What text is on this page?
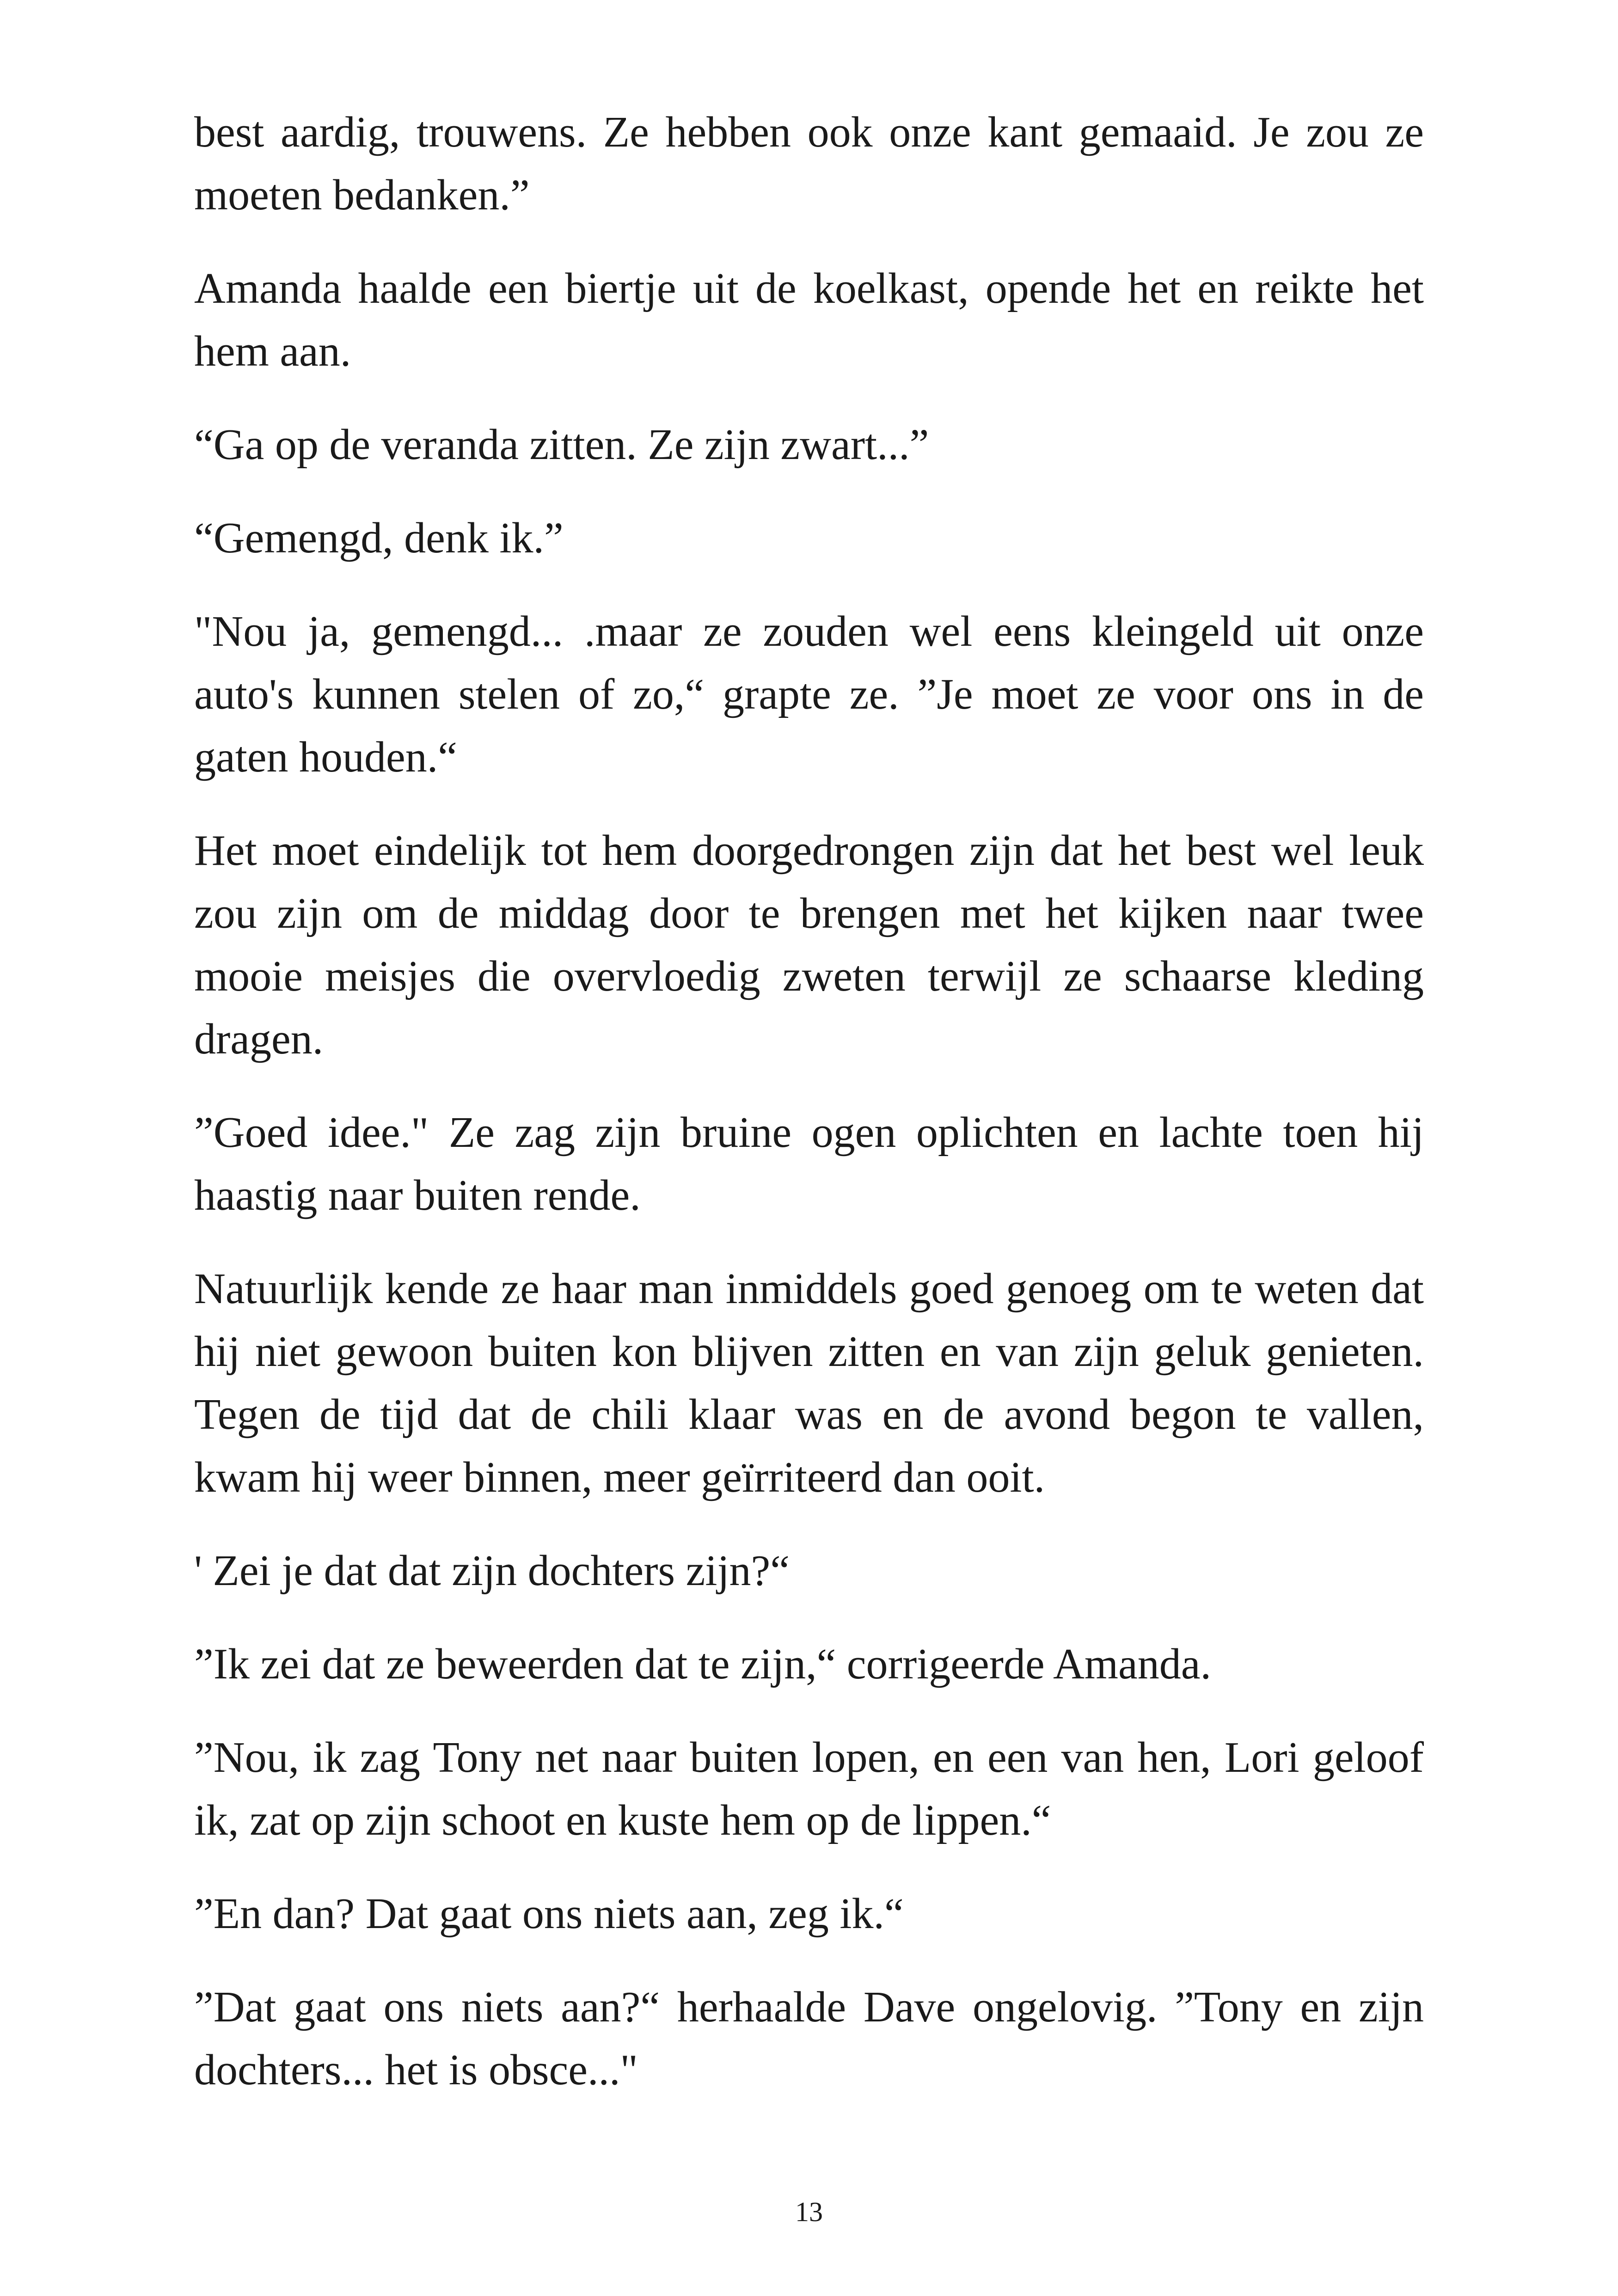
best aardig, trouwens. Ze hebben ook onze kant gemaaid. Je zou ze moeten bedanken.”

Amanda haalde een biertje uit de koelkast, opende het en reikte het hem aan.

“Ga op de veranda zitten. Ze zijn zwart...”

“Gemengd, denk ik.”

"Nou ja, gemengd... .maar ze zouden wel eens kleingeld uit onze auto's kunnen stelen of zo,“ grapte ze. ”Je moet ze voor ons in de gaten houden.“

Het moet eindelijk tot hem doorgedrongen zijn dat het best wel leuk zou zijn om de middag door te brengen met het kijken naar twee mooie meisjes die overvloedig zweten terwijl ze schaarse kleding dragen.

”Goed idee." Ze zag zijn bruine ogen oplichten en lachte toen hij haastig naar buiten rende.

Natuurlijk kende ze haar man inmiddels goed genoeg om te weten dat hij niet gewoon buiten kon blijven zitten en van zijn geluk genieten. Tegen de tijd dat de chili klaar was en de avond begon te vallen, kwam hij weer binnen, meer geïrriteerd dan ooit.

' Zei je dat dat zijn dochters zijn?“

”Ik zei dat ze beweerden dat te zijn,“ corrigeerde Amanda.

”Nou, ik zag Tony net naar buiten lopen, en een van hen, Lori geloof ik, zat op zijn schoot en kuste hem op de lippen.“

”En dan? Dat gaat ons niets aan, zeg ik.“

”Dat gaat ons niets aan?“ herhaalde Dave ongelovig. ”Tony en zijn dochters... het is obsce..."

13
